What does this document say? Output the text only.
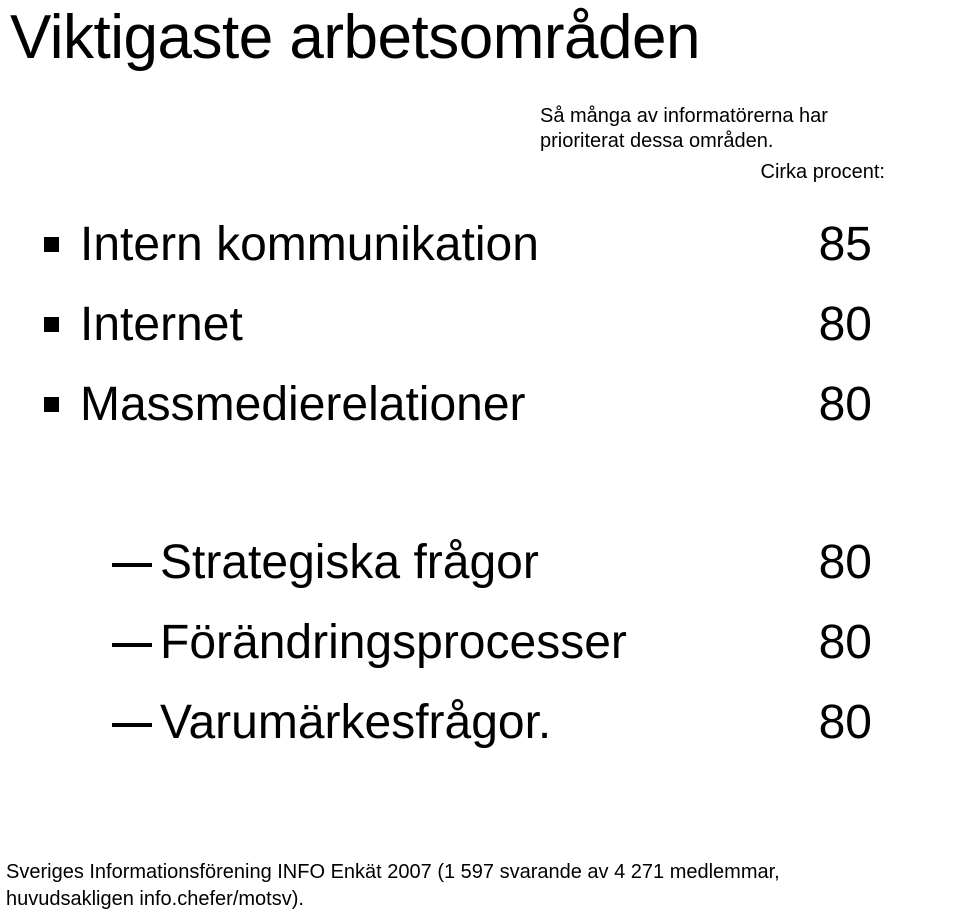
Viktigaste arbetsområden
Så många av informatörerna har
prioriterat dessa områden.
Cirka procent:
Intern kommunikation	85
Internet	80
Massmedierelationer	80
Strategiska frågor	80
Förändringsprocesser	80
Varumärkesfrågor.	80
Sveriges Informationsförening INFO Enkät 2007 (1 597 svarande av 4 271 medlemmar,
huvudsakligen info.chefer/motsv).
